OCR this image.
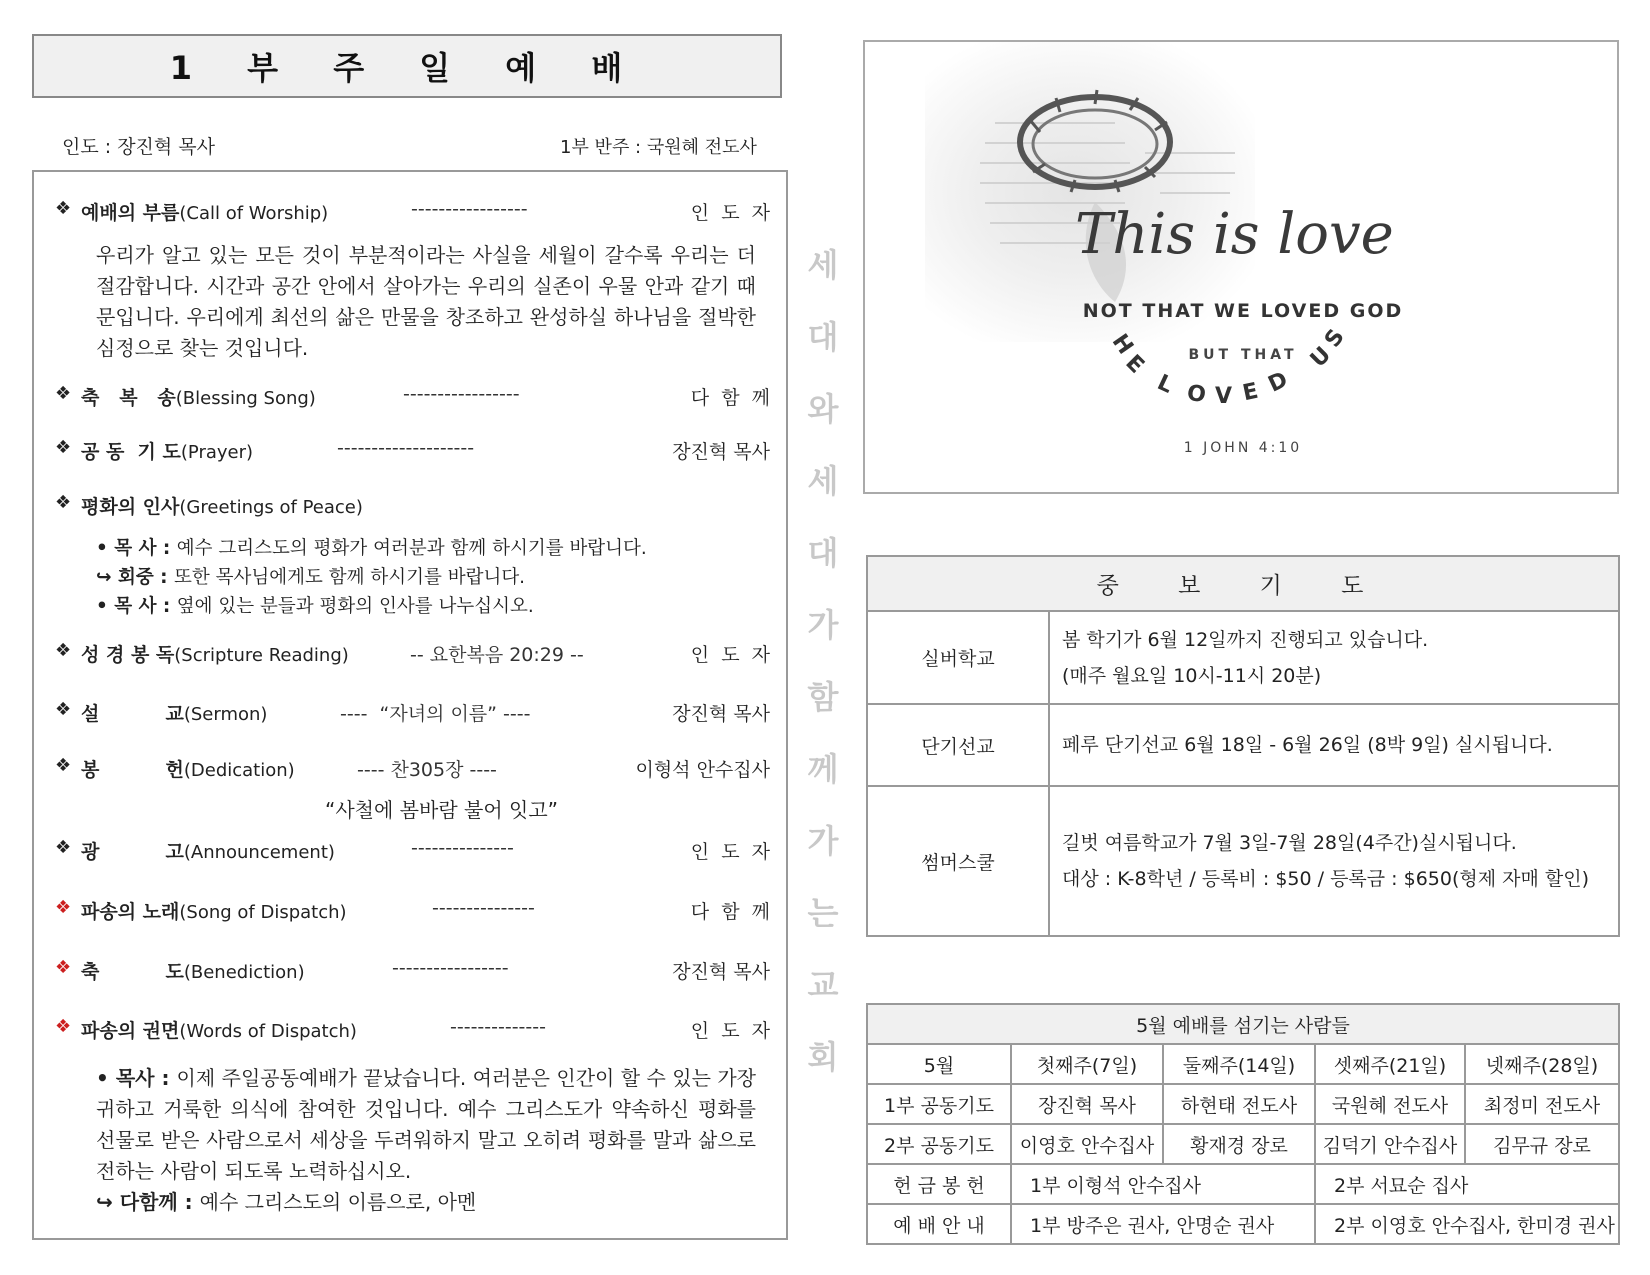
1 부 주 일 예 배
인도 : 장진혁 목사	1부 반주 : 국원혜 전도사
❖ 예배의 부름(Call of Worship)	-----------------	인  도  자
우리가 알고 있는 모든 것이 부분적이라는 사실을 세월이 갈수록 우리는 더 절감합니다. 시간과 공간 안에서 살아가는 우리의 실존이 우물 안과 같기 때문입니다. 우리에게 최선의 삶은 만물을 창조하고 완성하실 하나님을 절박한 심정으로 찾는 것입니다.
❖ 축   복   송(Blessing Song)	-----------------	다  함  께
❖ 공 동  기 도(Prayer)	--------------------	장진혁 목사
❖ 평화의 인사(Greetings of Peace)
• 목 사 : 예수 그리스도의 평화가 여러분과 함께 하시기를 바랍니다.
↪ 회중 : 또한 목사님에게도 함께 하시기를 바랍니다.
• 목 사 : 옆에 있는 분들과 평화의 인사를 나누십시오.
❖ 성 경 봉 독(Scripture Reading)	-- 요한복음 20:29 --	인  도  자
❖ 설          교(Sermon)	----  “자녀의 이름” ----	장진혁 목사
❖ 봉          헌(Dedication)	---- 찬305장 ----	이형석 안수집사
“사철에 봄바람 불어 잇고”
❖ 광          고(Announcement)	---------------	인  도  자
❖ 파송의 노래(Song of Dispatch)	---------------	다  함  께
❖ 축          도(Benediction)	-----------------	장진혁 목사
❖ 파송의 권면(Words of Dispatch)	--------------	인  도  자
• 목사 : 이제 주일공동예배가 끝났습니다. 여러분은 인간이 할 수 있는 가장 귀하고 거룩한 의식에 참여한 것입니다. 예수 그리스도가 약속하신 평화를 선물로 받은 사람으로서 세상을 두려워하지 말고 오히려 평화를 말과 삶으로 전하는 사람이 되도록 노력하십시오.
↪ 다함께 : 예수 그리스도의 이름으로, 아멘
세
대
와
세
대
가
함
께
가
는
교
회
This is love
NOT THAT WE LOVED GOD
BUT THAT
H
E
L O V E D
U
S
1 JOHN 4:10
중 보 기 도	
실버학교	봄 학기가 6월 12일까지 진행되고 있습니다.
(매주 월요일 10시-11시 20분)

단기선교	페루 단기선교 6월 18일 - 6월 26일 (8박 9일) 실시됩니다.

썸머스쿨	길벗 여름학교가 7월 3일-7월 28일(4주간)실시됩니다.
대상 : K-8학년 / 등록비 : $50 / 등록금 : $650(형제 자매 할인)
5월 예배를 섬기는 사람들				
5월	첫째주(7일)	둘째주(14일)	셋째주(21일)	넷째주(28일)
1부 공동기도	장진혁 목사	하현태 전도사	국원혜 전도사	최정미 전도사
2부 공동기도	이영호 안수집사	황재경 장로	김덕기 안수집사	김무규 장로
헌 금 봉 헌	1부 이형석 안수집사		2부 서묘순 집사	
예 배 안 내	1부 방주은 권사, 안명순 권사		2부 이영호 안수집사, 한미경 권사	
